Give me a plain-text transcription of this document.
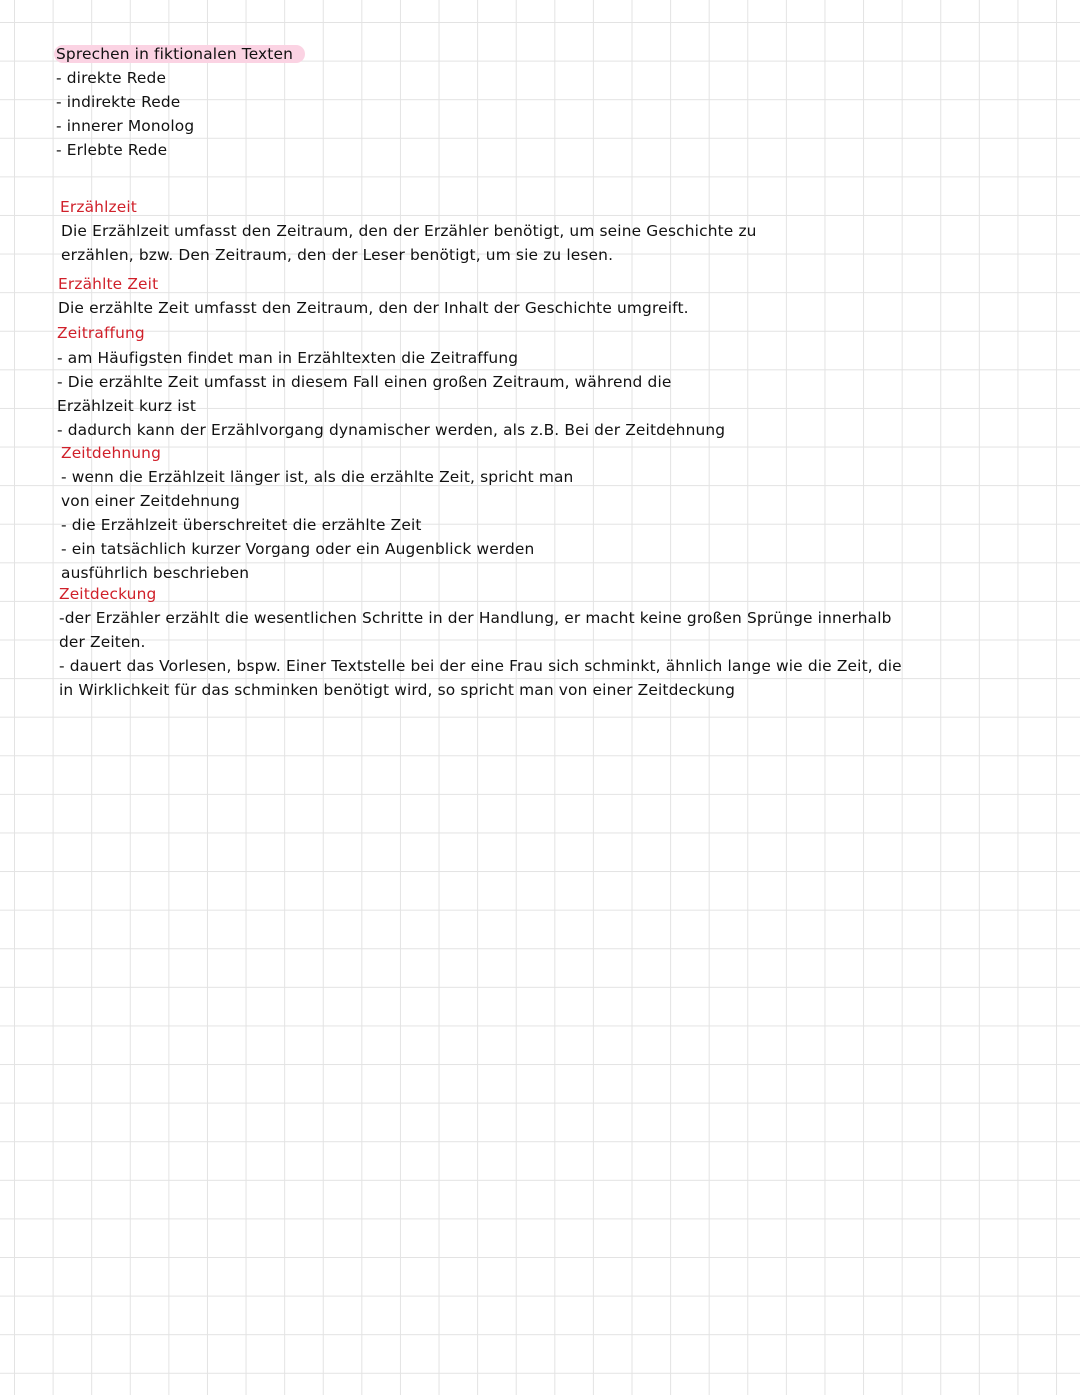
Sprechen in fiktionalen Texten
- direkte Rede
- indirekte Rede
- innerer Monolog
- Erlebte Rede
Erzählzeit
Die Erzählzeit umfasst den Zeitraum, den der Erzähler benötigt, um seine Geschichte zu
erzählen, bzw. Den Zeitraum, den der Leser benötigt, um sie zu lesen.
Erzählte Zeit
Die erzählte Zeit umfasst den Zeitraum, den der Inhalt der Geschichte umgreift.
Zeitraffung
- am Häufigsten findet man in Erzähltexten die Zeitraffung
- Die erzählte Zeit umfasst in diesem Fall einen großen Zeitraum, während die
Erzählzeit kurz ist
- dadurch kann der Erzählvorgang dynamischer werden, als z.B. Bei der Zeitdehnung
Zeitdehnung
- wenn die Erzählzeit länger ist, als die erzählte Zeit, spricht man
von einer Zeitdehnung
- die Erzählzeit überschreitet die erzählte Zeit
- ein tatsächlich kurzer Vorgang oder ein Augenblick werden
ausführlich beschrieben
Zeitdeckung
-der Erzähler erzählt die wesentlichen Schritte in der Handlung, er macht keine großen Sprünge innerhalb
der Zeiten.
- dauert das Vorlesen, bspw. Einer Textstelle bei der eine Frau sich schminkt, ähnlich lange wie die Zeit, die
in Wirklichkeit für das schminken benötigt wird, so spricht man von einer Zeitdeckung
